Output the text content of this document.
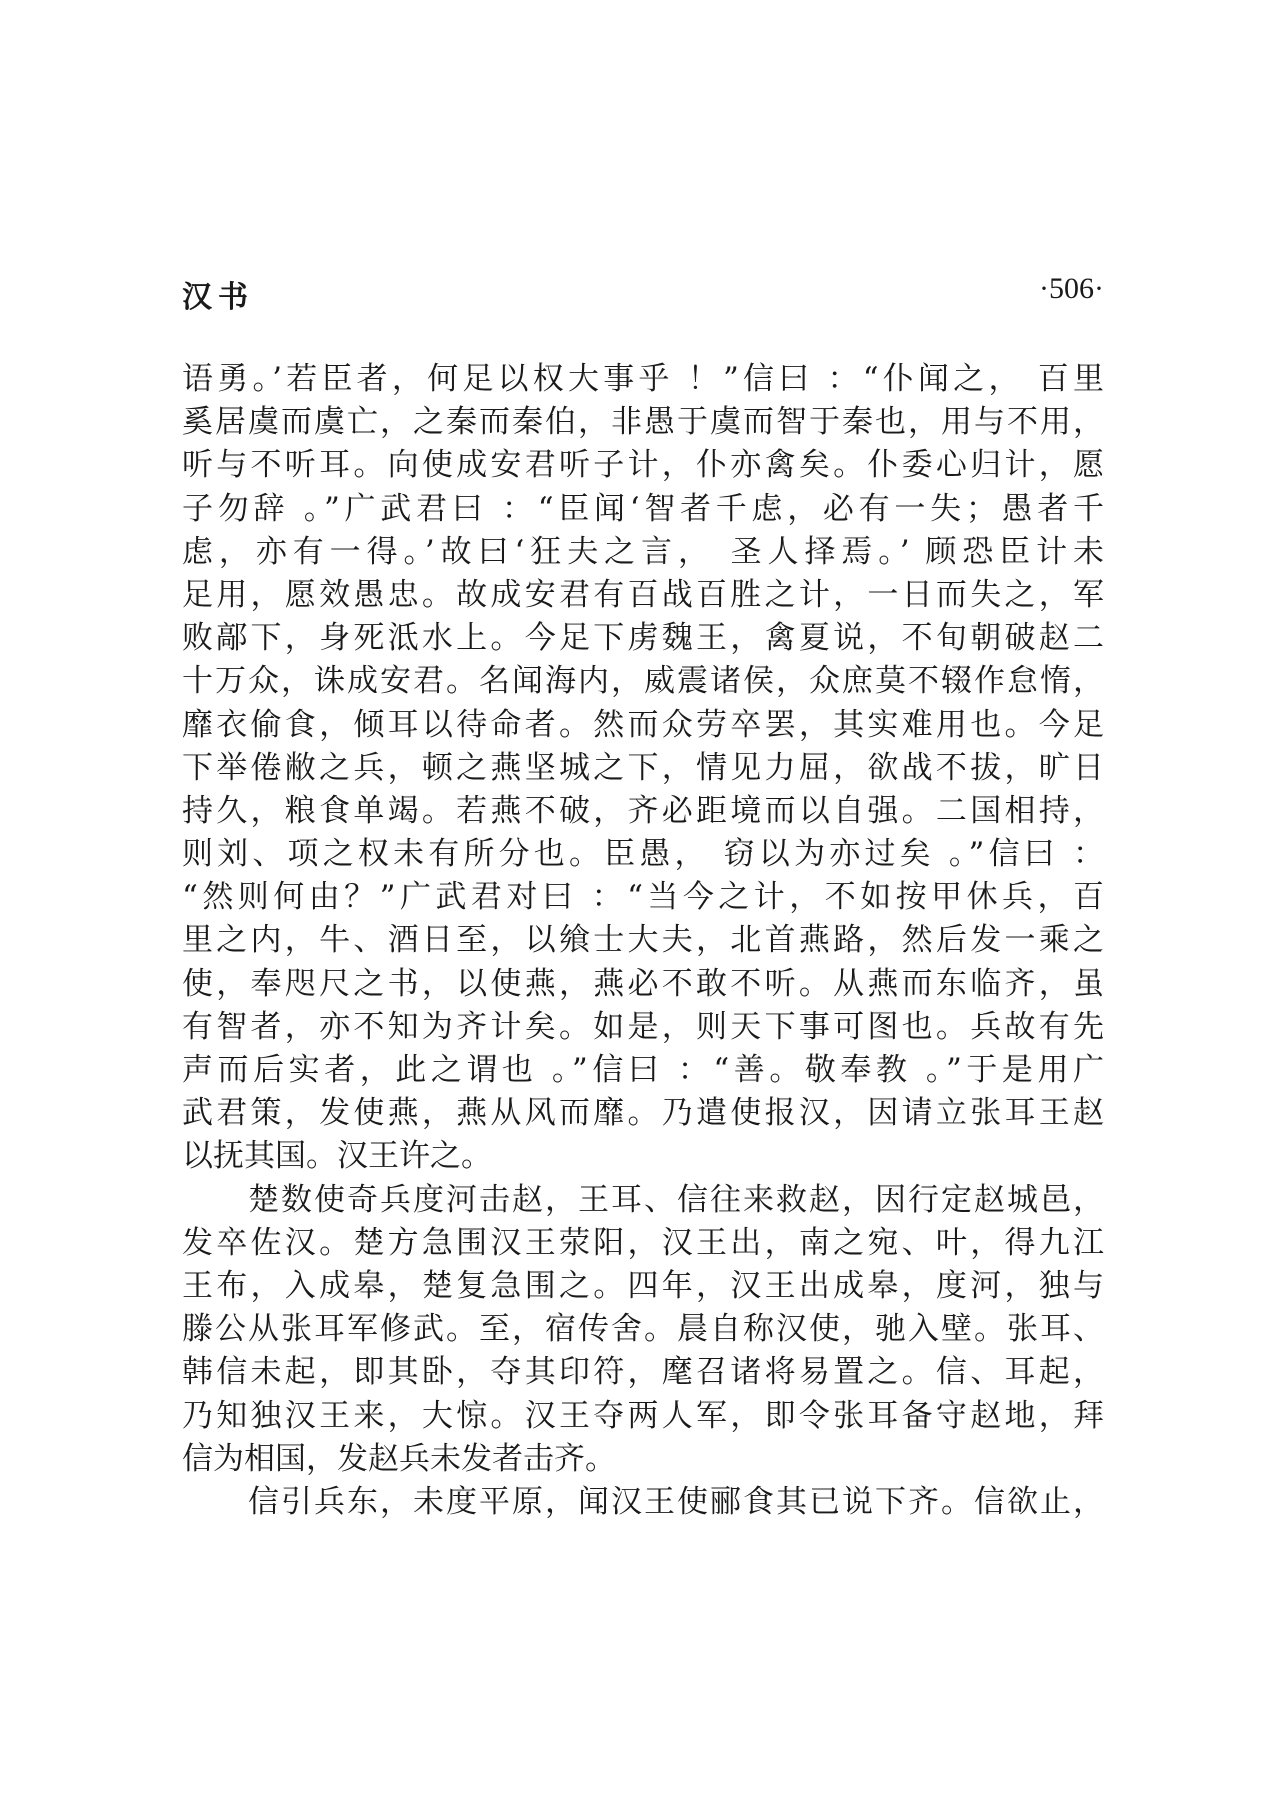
汉书	·506·
语勇。’若臣者，何足以权大事乎 ！”信曰 ：“仆闻之， 百里
奚居虞而虞亡，之秦而秦伯，非愚于虞而智于秦也，用与不用，
听与不听耳。向使成安君听子计，仆亦禽矣。仆委心归计，愿
子勿辞 。”广武君曰 ：“臣闻‘智者千虑，必有一失；愚者千
虑，亦有一得。’故曰‘狂夫之言， 圣人择焉。’ 顾恐臣计未
足用，愿效愚忠。故成安君有百战百胜之计，一日而失之，军
败鄗下，身死泜水上。今足下虏魏王，禽夏说，不旬朝破赵二
十万众，诛成安君。名闻海内，威震诸侯，众庶莫不辍作怠惰，
靡衣偷食，倾耳以待命者。然而众劳卒罢，其实难用也。今足
下举倦敝之兵，顿之燕坚城之下，情见力屈，欲战不拔，旷日
持久，粮食单竭。若燕不破，齐必距境而以自强。二国相持，
则刘、项之权未有所分也。臣愚， 窃以为亦过矣 。”信曰 ：
“然则何由？”广武君对曰 ：“当今之计，不如按甲休兵，百
里之内，牛、酒日至，以飨士大夫，北首燕路，然后发一乘之
使，奉咫尺之书，以使燕，燕必不敢不听。从燕而东临齐，虽
有智者，亦不知为齐计矣。如是，则天下事可图也。兵故有先
声而后实者，此之谓也 。”信曰 ：“善。敬奉教 。”于是用广
武君策，发使燕，燕从风而靡。乃遣使报汉，因请立张耳王赵
以抚其国。汉王许之。
楚数使奇兵度河击赵，王耳、信往来救赵，因行定赵城邑，
发卒佐汉。楚方急围汉王荥阳，汉王出，南之宛、叶，得九江
王布，入成皋，楚复急围之。四年，汉王出成皋，度河，独与
滕公从张耳军修武。至，宿传舍。晨自称汉使，驰入壁。张耳、
韩信未起，即其卧，夺其印符，麾召诸将易置之。信、耳起，
乃知独汉王来，大惊。汉王夺两人军，即令张耳备守赵地，拜
信为相国，发赵兵未发者击齐。
信引兵东，未度平原，闻汉王使郦食其已说下齐。信欲止，
